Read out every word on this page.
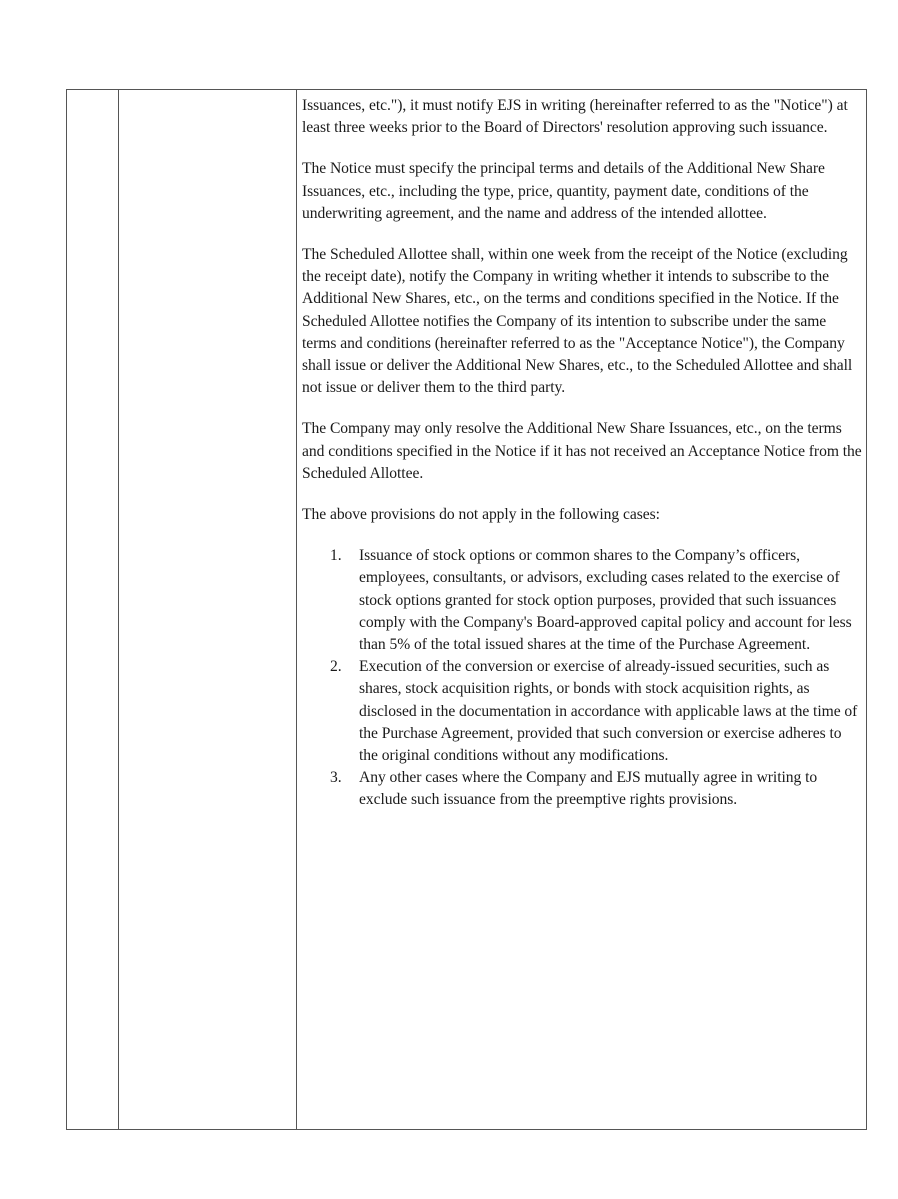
Issuances, etc."), it must notify EJS in writing (hereinafter referred to as the "Notice") at least three weeks prior to the Board of Directors' resolution approving such issuance.

The Notice must specify the principal terms and details of the Additional New Share Issuances, etc., including the type, price, quantity, payment date, conditions of the underwriting agreement, and the name and address of the intended allottee.

The Scheduled Allottee shall, within one week from the receipt of the Notice (excluding the receipt date), notify the Company in writing whether it intends to subscribe to the Additional New Shares, etc., on the terms and conditions specified in the Notice. If the Scheduled Allottee notifies the Company of its intention to subscribe under the same terms and conditions (hereinafter referred to as the "Acceptance Notice"), the Company shall issue or deliver the Additional New Shares, etc., to the Scheduled Allottee and shall not issue or deliver them to the third party.

The Company may only resolve the Additional New Share Issuances, etc., on the terms and conditions specified in the Notice if it has not received an Acceptance Notice from the Scheduled Allottee.

The above provisions do not apply in the following cases:

1. Issuance of stock options or common shares to the Company’s officers, employees, consultants, or advisors, excluding cases related to the exercise of stock options granted for stock option purposes, provided that such issuances comply with the Company's Board-approved capital policy and account for less than 5% of the total issued shares at the time of the Purchase Agreement.
2. Execution of the conversion or exercise of already-issued securities, such as shares, stock acquisition rights, or bonds with stock acquisition rights, as disclosed in the documentation in accordance with applicable laws at the time of the Purchase Agreement, provided that such conversion or exercise adheres to the original conditions without any modifications.
3. Any other cases where the Company and EJS mutually agree in writing to exclude such issuance from the preemptive rights provisions.
